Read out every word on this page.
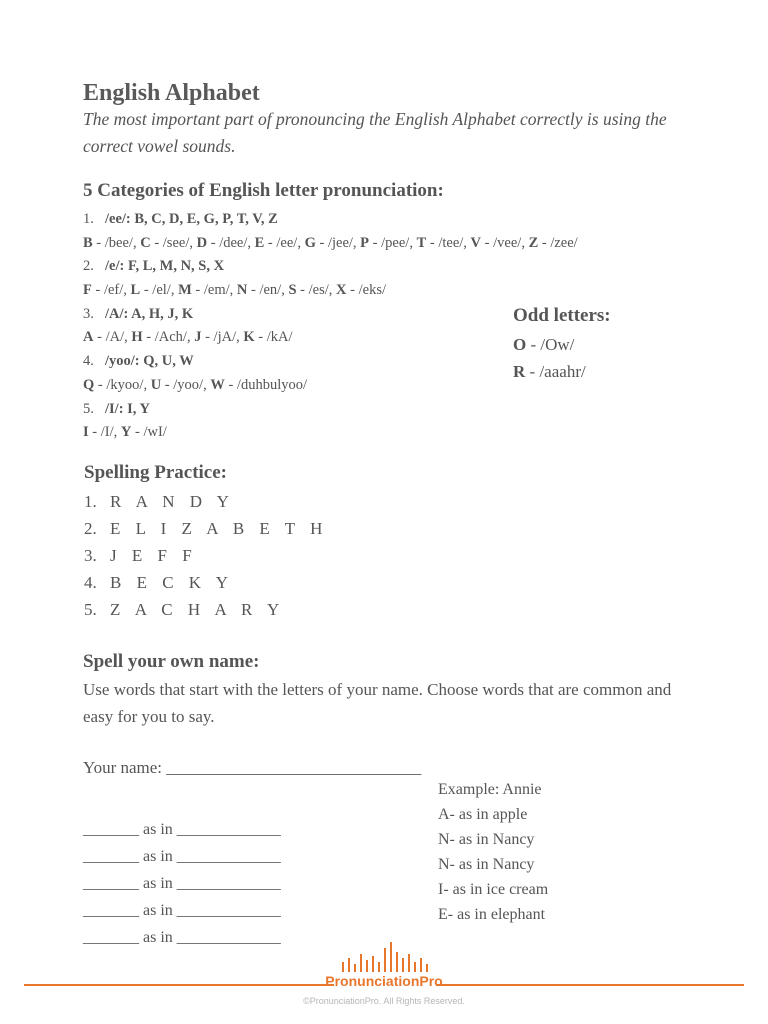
English Alphabet
The most important part of pronouncing the English Alphabet correctly is using the correct vowel sounds.
5 Categories of English letter pronunciation:
1. /ee/: B, C, D, E, G, P, T, V, Z
B - /bee/, C - /see/, D - /dee/, E - /ee/, G - /jee/, P - /pee/, T - /tee/, V - /vee/, Z - /zee/
2. /e/: F, L, M, N, S, X
F - /ef/, L - /el/, M - /em/, N - /en/, S - /es/, X - /eks/
3. /A/: A, H, J, K
A - /A/, H - /Ach/, J - /jA/, K - /kA/
4. /yoo/: Q, U, W
Q - /kyoo/, U - /yoo/, W - /duhbulyoo/
5. /I/: I, Y
I - /I/, Y - /wI/
Odd letters:
O - /Ow/
R - /aaahr/
Spelling Practice:
1. R A N D Y
2. E L I Z A B E T H
3. J E F F
4. B E C K Y
5. Z A C H A R Y
Spell your own name:
Use words that start with the letters of your name. Choose words that are common and easy for you to say.
Your name: ______________________________
_______ as in _____________
_______ as in _____________
_______ as in _____________
_______ as in _____________
_______ as in _____________
Example: Annie
A- as in apple
N- as in Nancy
N- as in Nancy
I- as in ice cream
E- as in elephant
PronunciationPro
©PronunciationPro. All Rights Reserved.
